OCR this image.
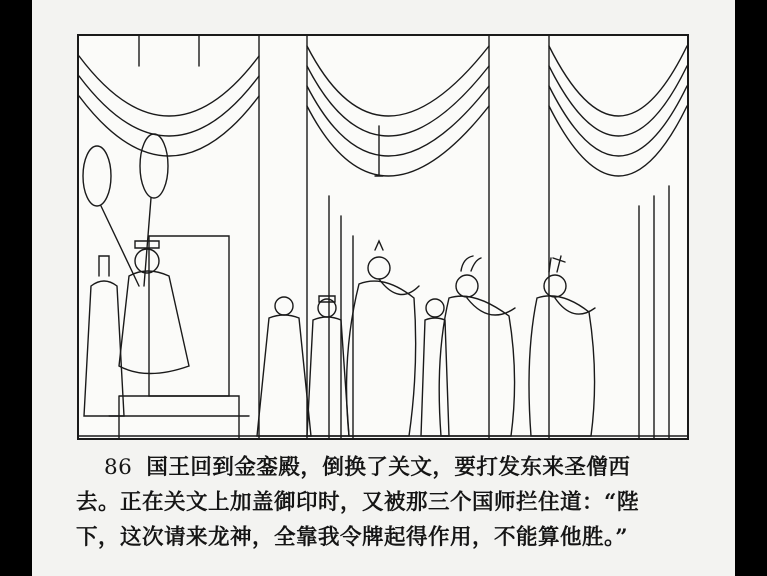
86 国王回到金銮殿，倒换了关文，要打发东来圣僧西
去。正在关文上加盖御印时，又被那三个国师拦住道：“陛
下，这次请来龙神，全靠我令牌起得作用，不能算他胜。”
